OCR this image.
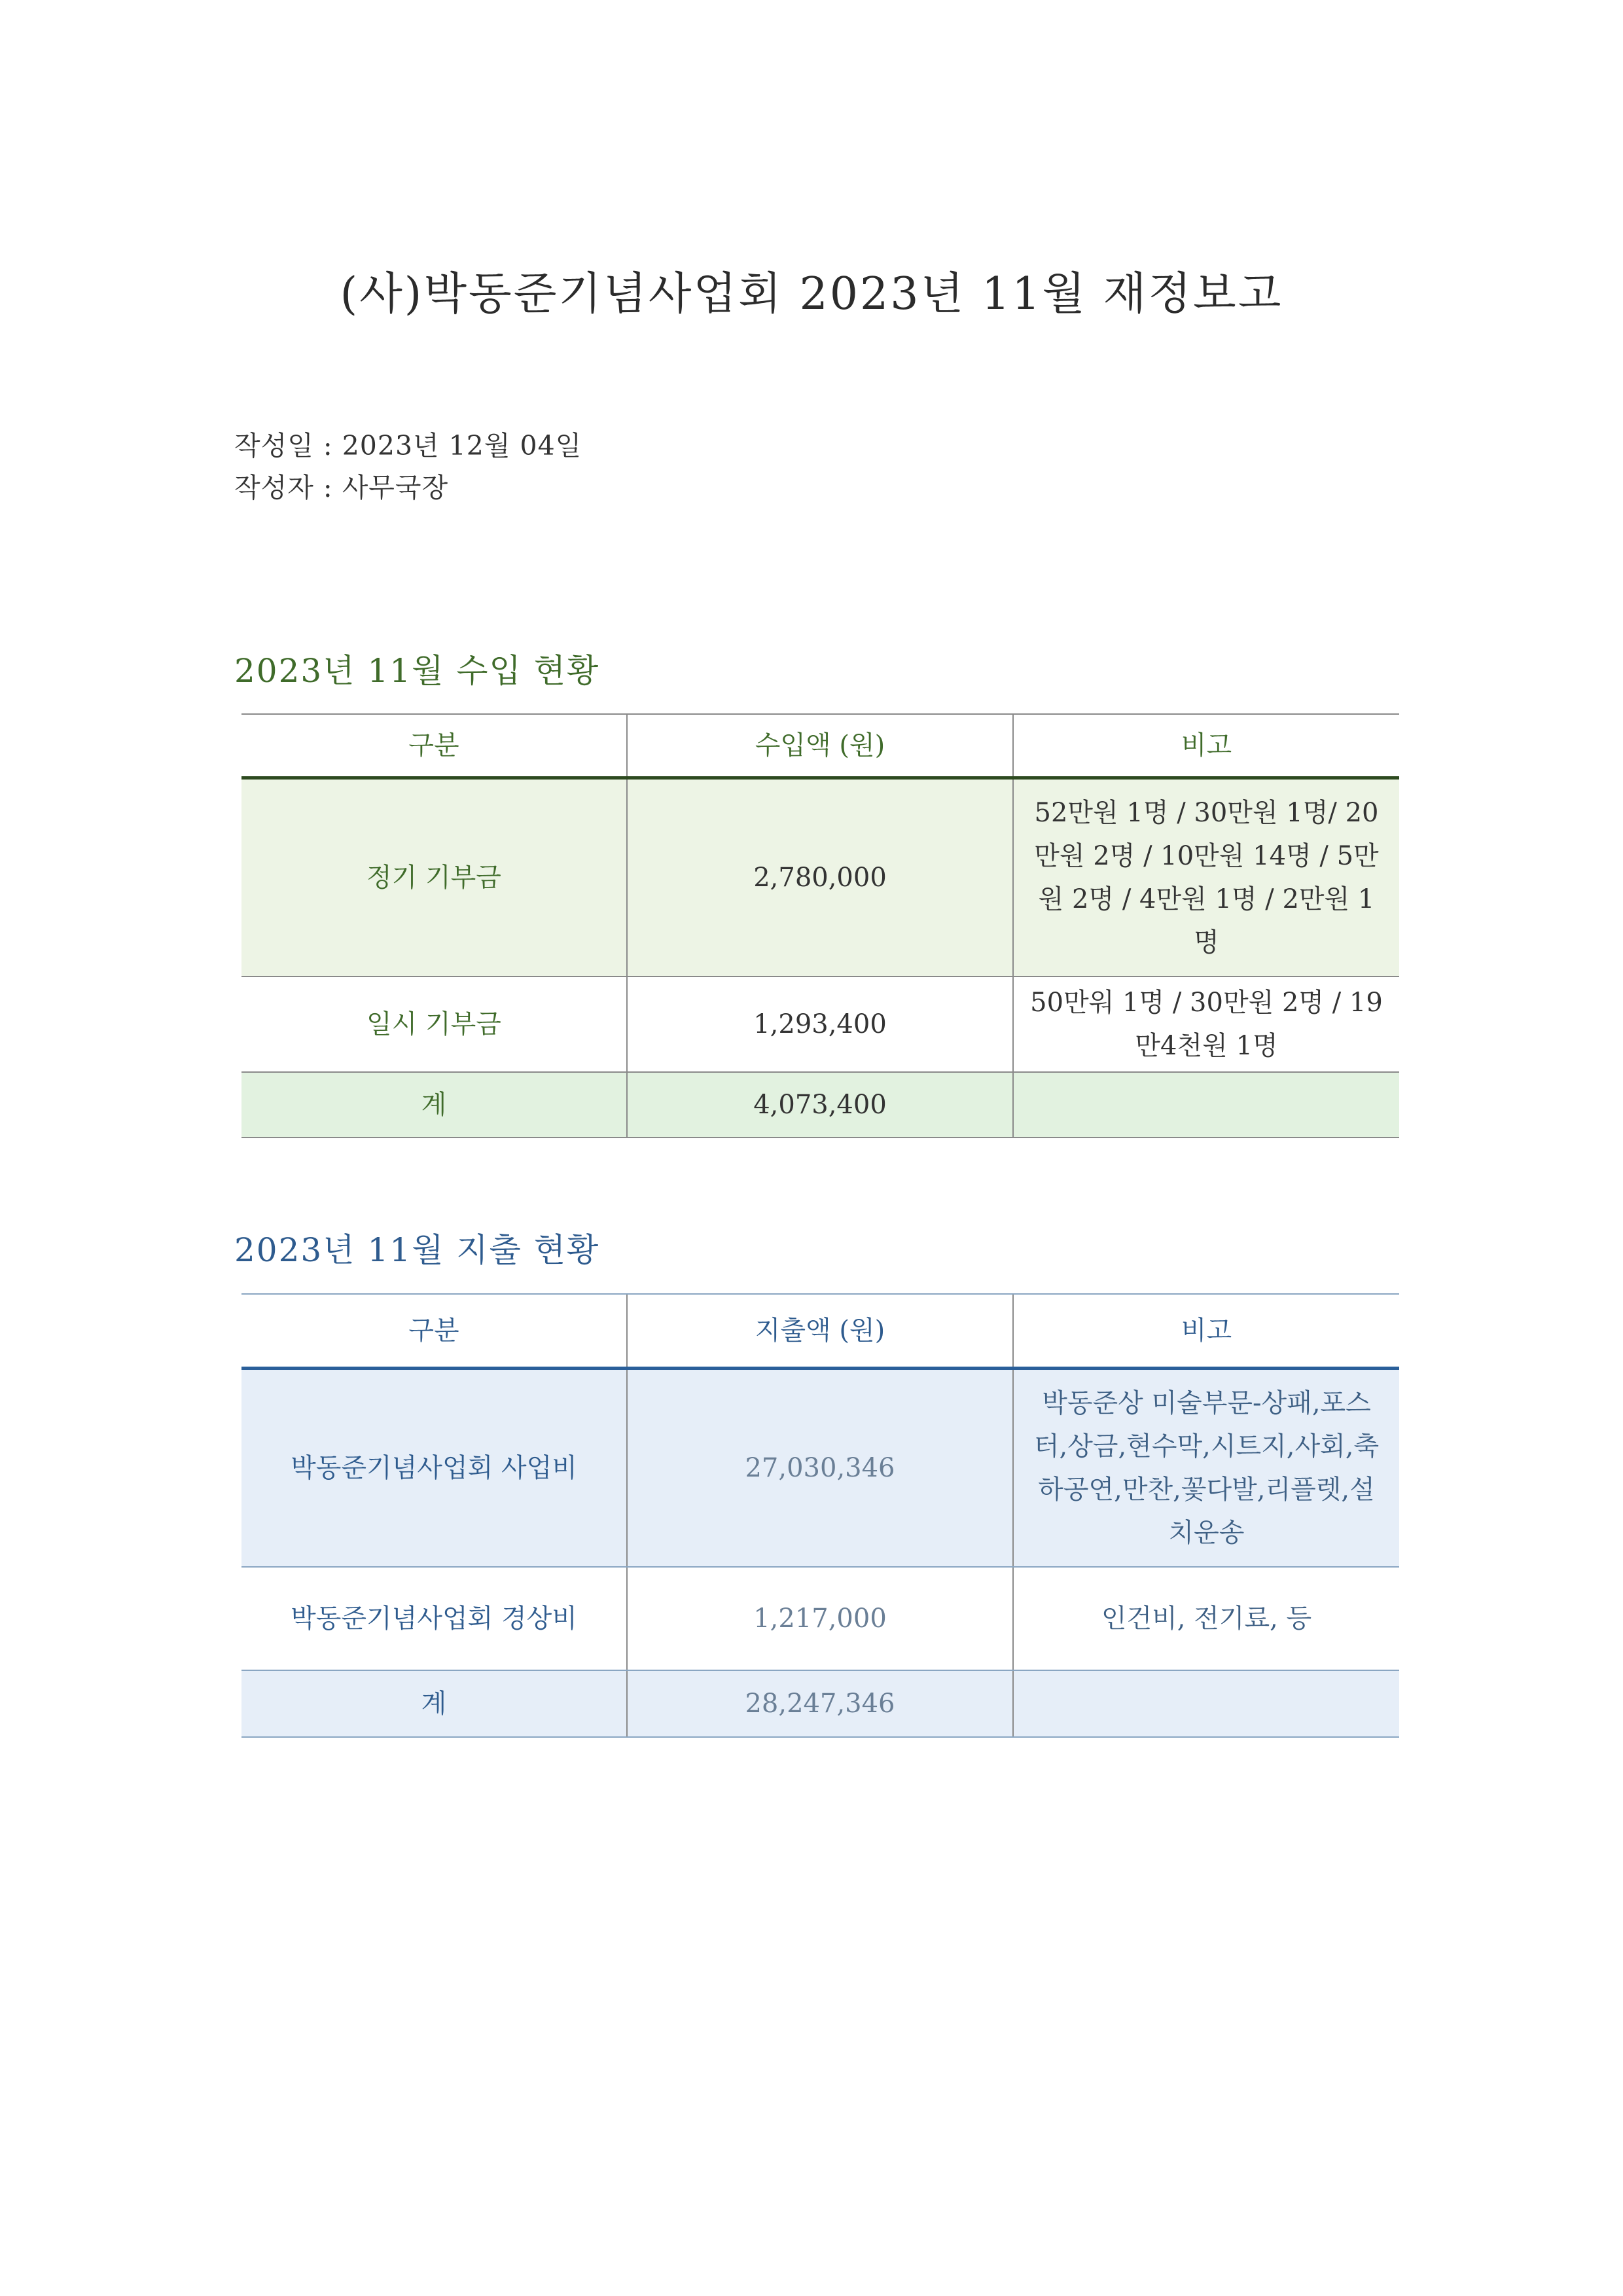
(사)박동준기념사업회 2023년 11월 재정보고
작성일 : 2023년 12월 04일
작성자 : 사무국장
2023년 11월 수입 현황
구분	수입액 (원)	비고
정기 기부금	2,780,000	52만원 1명 / 30만원 1명/ 20만원 2명 / 10만원 14명 / 5만원 2명 / 4만원 1명 / 2만원 1명
일시 기부금	1,293,400	50만워 1명 / 30만원 2명 / 19만4천원 1명
계	4,073,400	
2023년 11월 지출 현황
구분	지출액 (원)	비고
박동준기념사업회 사업비	27,030,346	박동준상 미술부문-상패,포스터,상금,현수막,시트지,사회,축하공연,만찬,꽃다발,리플렛,설치운송
박동준기념사업회 경상비	1,217,000	인건비, 전기료, 등
계	28,247,346	
